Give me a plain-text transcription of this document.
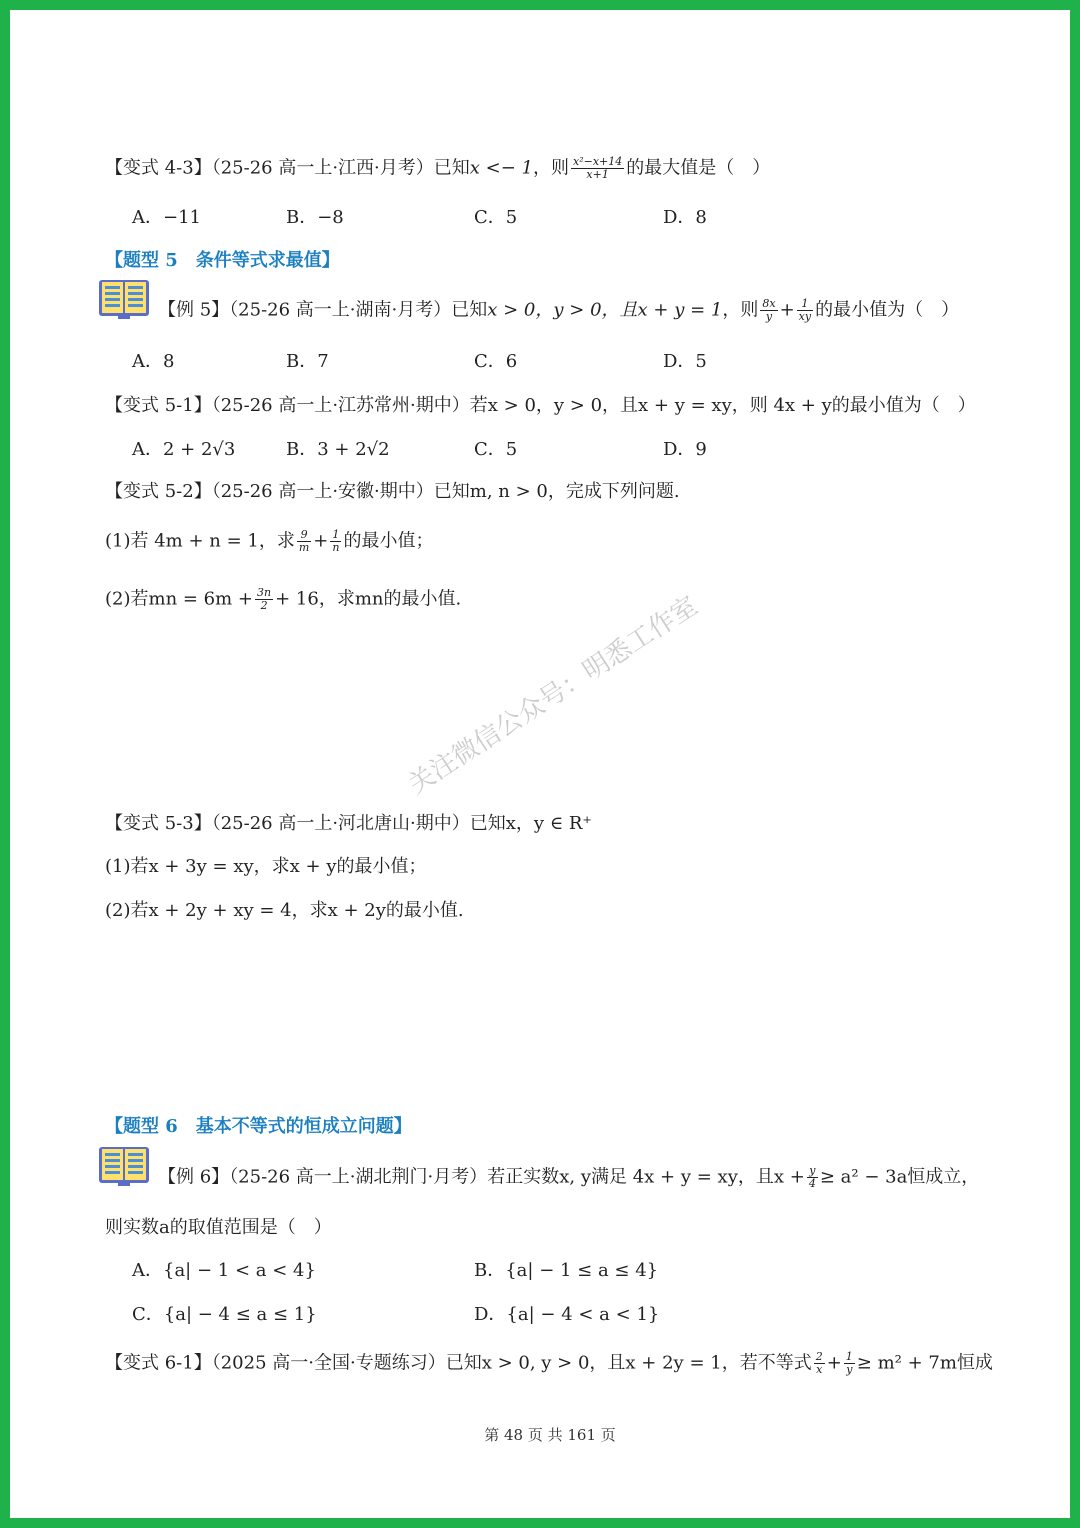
【变式 4-3】（25-26 高一上·江西·月考）已知x <− 1，则 $\frac{\text{x²−x+14}}{x+1}$ 的最大值是（　）
A．−11	B．−8	C．5	D．8
【题型 5　条件等式求最值】
【例 5】（25-26 高一上·湖南·月考）已知x > 0，y > 0，且x + y = 1，则 $\frac{8x}{y} + \frac{1}{xy}$ 的最小值为（　）
A．8	B．7	C．6	D．5
【变式 5-1】（25-26 高一上·江苏常州·期中）若x > 0，y > 0，且x + y = xy，则 4x + y的最小值为（　）
A．2 + 2√3	B．3 + 2√2	C．5	D．9
【变式 5-2】（25-26 高一上·安徽·期中）已知m, n > 0，完成下列问题.
(1)若 4m + n = 1，求 $\frac{9}{m} + \frac{1}{n}$ 的最小值；
(2)若mn = $6m + \frac{3n}{2} + 16$，求mn的最小值.
【变式 5-3】（25-26 高一上·河北唐山·期中）已知x，y ∈ R⁺
(1)若x + 3y = xy，求x + y的最小值；
(2)若x + 2y + xy = 4，求x + 2y的最小值.
【题型 6　基本不等式的恒成立问题】
【例 6】（25-26 高一上·湖北荆门·月考）若正实数x, y满足 4x + y = xy，且$x + \frac{y}{4} \ge a^2 - 3a$恒成立，
则实数a的取值范围是（　）
A．{a| − 1 < a < 4}	B．{a| − 1 ≤ a ≤ 4}
C．{a| − 4 ≤ a ≤ 1}	D．{a| − 4 < a < 1}
【变式 6-1】（2025 高一·全国·专题练习）已知x > 0, y > 0，且x + 2y = 1，若不等式 $\frac{2}{x} + \frac{1}{y} \ge m^2 + 7m$恒成
关注微信公众号：明悉工作室
第 48 页 共 161 页
